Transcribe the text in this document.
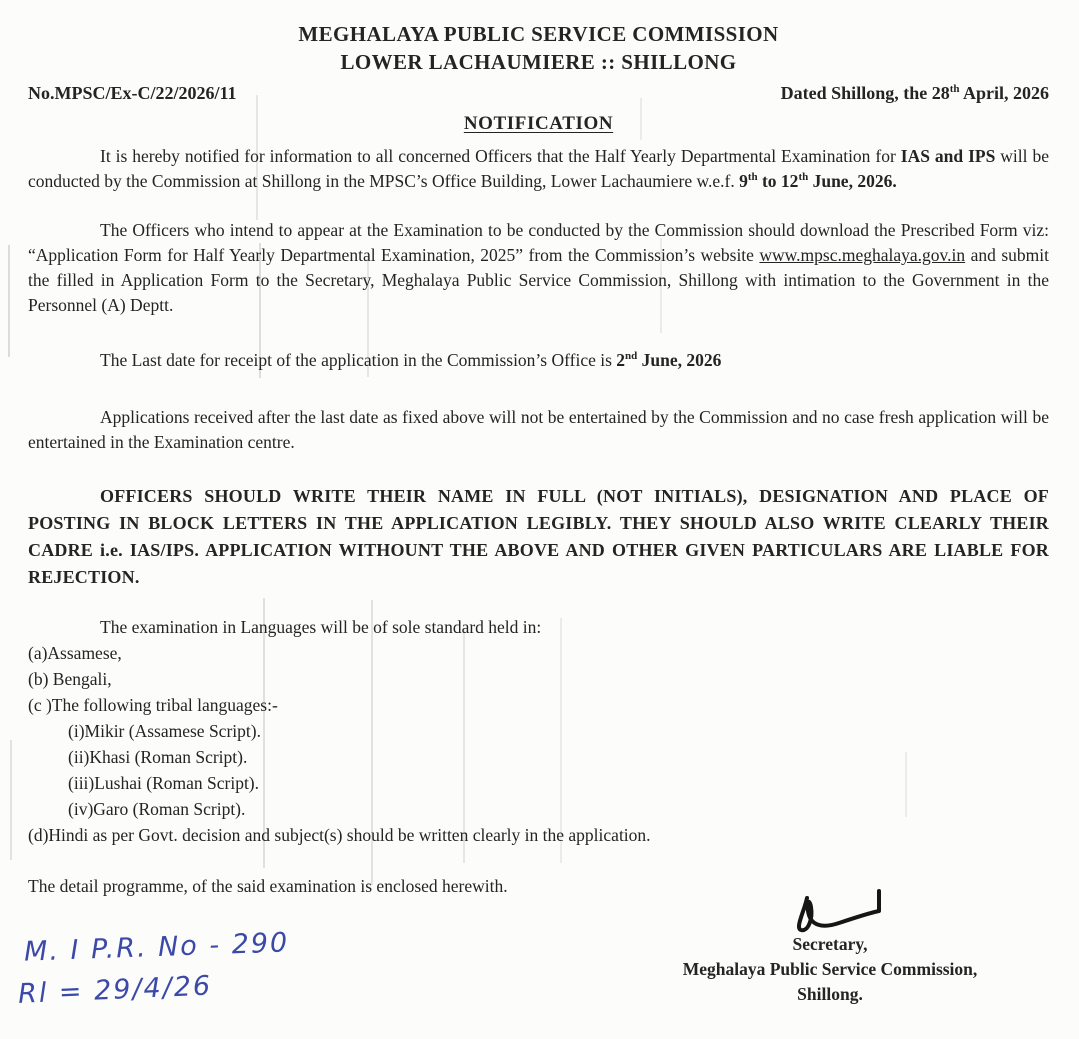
MEGHALAYA PUBLIC SERVICE COMMISSION
LOWER LACHAUMIERE :: SHILLONG
No.MPSC/Ex-C/22/2026/11	Dated Shillong, the 28th April, 2026
NOTIFICATION

It is hereby notified for information to all concerned Officers that the Half Yearly Departmental Examination for IAS and IPS will be conducted by the Commission at Shillong in the MPSC’s Office Building, Lower Lachaumiere w.e.f. 9th to 12th June, 2026.

The Officers who intend to appear at the Examination to be conducted by the Commission should download the Prescribed Form viz: “Application Form for Half Yearly Departmental Examination, 2025” from the Commission’s website www.mpsc.meghalaya.gov.in and submit the filled in Application Form to the Secretary, Meghalaya Public Service Commission, Shillong with intimation to the Government in the Personnel (A) Deptt.

The Last date for receipt of the application in the Commission’s Office is 2nd June, 2026

Applications received after the last date as fixed above will not be entertained by the Commission and no case fresh application will be entertained in the Examination centre.

OFFICERS SHOULD WRITE THEIR NAME IN FULL (NOT INITIALS), DESIGNATION AND PLACE OF POSTING IN BLOCK LETTERS IN THE APPLICATION LEGIBLY. THEY SHOULD ALSO WRITE CLEARLY THEIR CADRE i.e. IAS/IPS. APPLICATION WITHOUNT THE ABOVE AND OTHER GIVEN PARTICULARS ARE LIABLE FOR REJECTION.

The examination in Languages will be of sole standard held in:

(a)Assamese,

(b) Bengali,

(c )The following tribal languages:-

(i)Mikir (Assamese Script).

(ii)Khasi (Roman Script).

(iii)Lushai (Roman Script).

(iv)Garo (Roman Script).

(d)Hindi as per Govt. decision and subject(s) should be written clearly in the application.

The detail programme, of the said examination is enclosed herewith.

Secretary,
Meghalaya Public Service Commission,
Shillong.
M. I P.R. No - 290
Rl = 29/4/26
